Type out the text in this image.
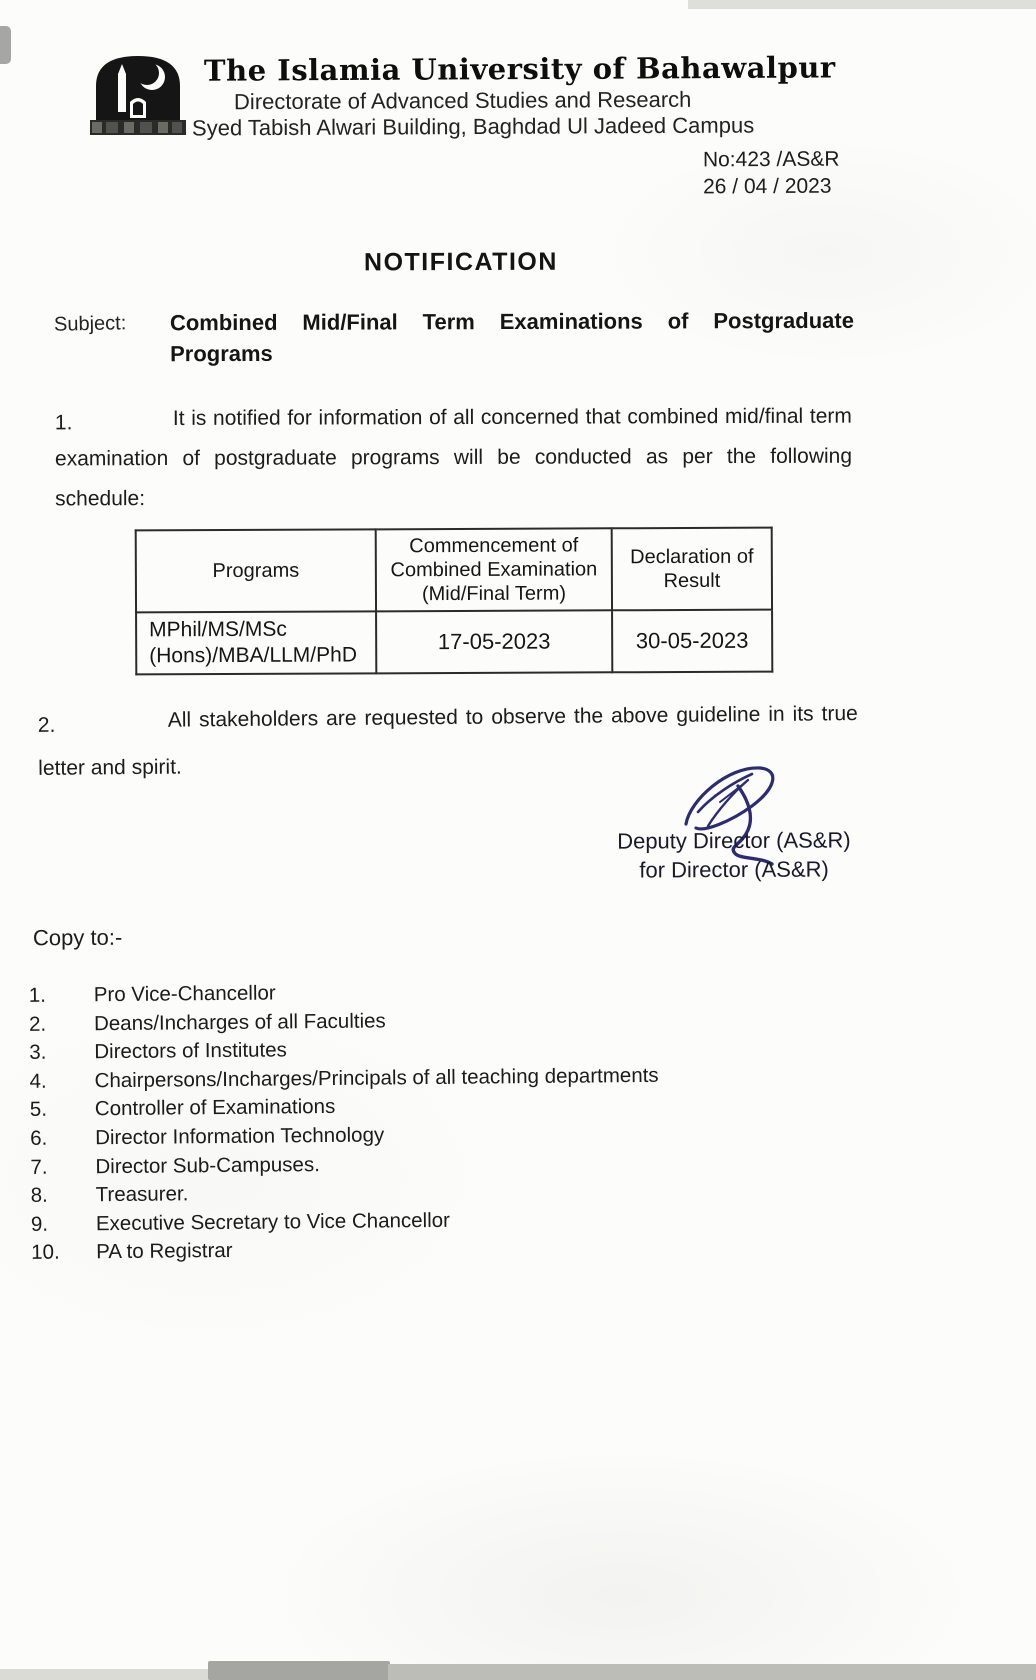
The Islamia University of Bahawalpur
Directorate of Advanced Studies and Research
Syed Tabish Alwari Building, Baghdad Ul Jadeed Campus
No:423 /AS&R
26 / 04 / 2023
NOTIFICATION
Subject: Combined Mid/Final Term Examinations of Postgraduate Programs
1.	It is notified for information of all concerned that combined mid/final term examination of postgraduate programs will be conducted as per the following schedule:
Programs	Commencement of Combined Examination (Mid/Final Term)	Declaration of Result
MPhil/MS/MSc (Hons)/MBA/LLM/PhD	17-05-2023	30-05-2023
2.	All stakeholders are requested to observe the above guideline in its true letter and spirit.
Deputy Director (AS&R)
for Director (AS&R)
Copy to:-
1.	Pro Vice-Chancellor
2.	Deans/Incharges of all Faculties
3.	Directors of Institutes
4.	Chairpersons/Incharges/Principals of all teaching departments
5.	Controller of Examinations
6.	Director Information Technology
7.	Director Sub-Campuses.
8.	Treasurer.
9.	Executive Secretary to Vice Chancellor
10.	PA to Registrar
